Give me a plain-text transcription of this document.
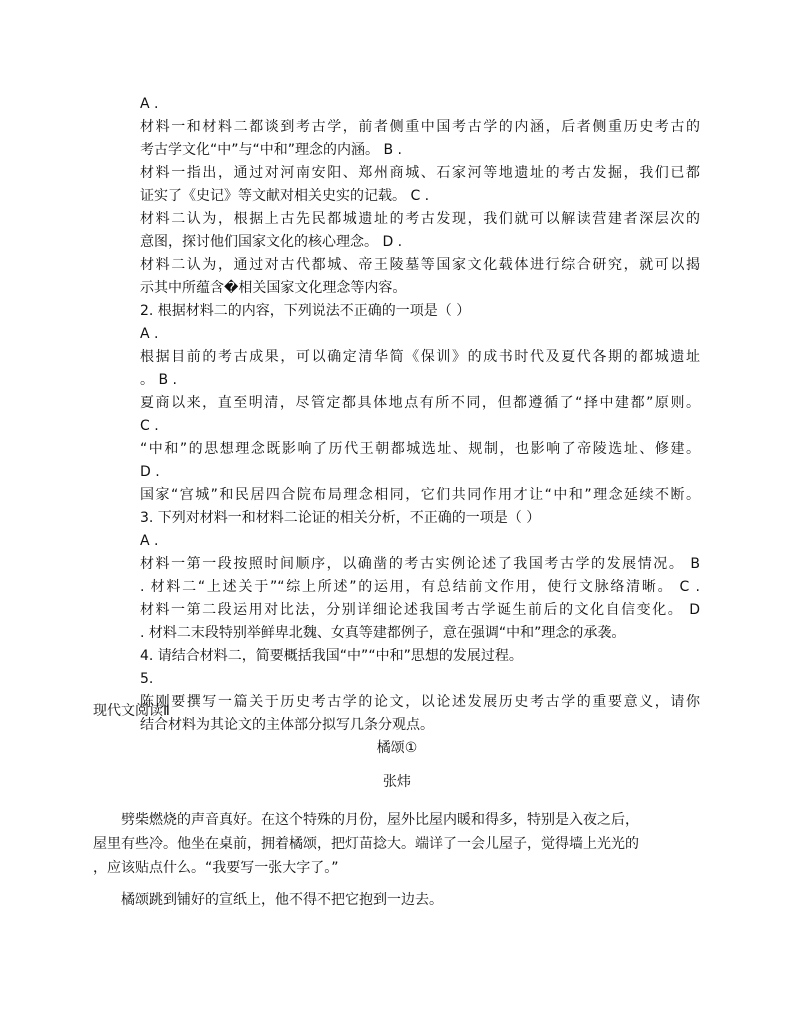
A .
材料一和材料二都谈到考古学，前者侧重中国考古学的内涵，后者侧重历史考古的
考古学文化“中”与“中和”理念的内涵。 B .
材料一指出，通过对河南安阳、郑州商城、石家河等地遗址的考古发掘，我们已都
证实了《史记》等文献对相关史实的记载。 C .
材料二认为，根据上古先民都城遗址的考古发现，我们就可以解读营建者深层次的
意图，探讨他们国家文化的核心理念。 D .
材料二认为，通过对古代都城、帝王陵墓等国家文化载体进行综合研究，就可以揭
示其中所蕴含�相关国家文化理念等内容。
2. 根据材料二的内容，下列说法不正确的一项是（ ）
A .
根据目前的考古成果，可以确定清华简《保训》的成书时代及夏代各期的都城遗址
。 B .
夏商以来，直至明清，尽管定都具体地点有所不同，但都遵循了“择中建都”原则。
C .
“中和”的思想理念既影响了历代王朝都城选址、规制，也影响了帝陵选址、修建。
D .
国家“宫城”和民居四合院布局理念相同，它们共同作用才让“中和”理念延续不断。
3. 下列对材料一和材料二论证的相关分析，不正确的一项是（ ）
A .
材料一第一段按照时间顺序，以确凿的考古实例论述了我国考古学的发展情况。 B
. 材料二“上述关于”“综上所述”的运用，有总结前文作用，使行文脉络清晰。 C .
材料一第二段运用对比法，分别详细论述我国考古学诞生前后的文化自信变化。 D
. 材料二末段特别举鲜卑北魏、女真等建都例子，意在强调“中和”理念的承袭。
4. 请结合材料二，简要概括我国“中”“中和”思想的发展过程。
5.
陈刚要撰写一篇关于历史考古学的论文，以论述发展历史考古学的重要意义，请你
结合材料为其论文的主体部分拟写几条分观点。
现代文阅读Ⅱ
橘颂①
张炜
劈柴燃烧的声音真好。在这个特殊的月份，屋外比屋内暖和得多，特别是入夜之后，
屋里有些冷。他坐在桌前，拥着橘颂，把灯苗捻大。端详了一会儿屋子，觉得墙上光光的
，应该贴点什么。“我要写一张大字了。”
橘颂跳到铺好的宣纸上，他不得不把它抱到一边去。
